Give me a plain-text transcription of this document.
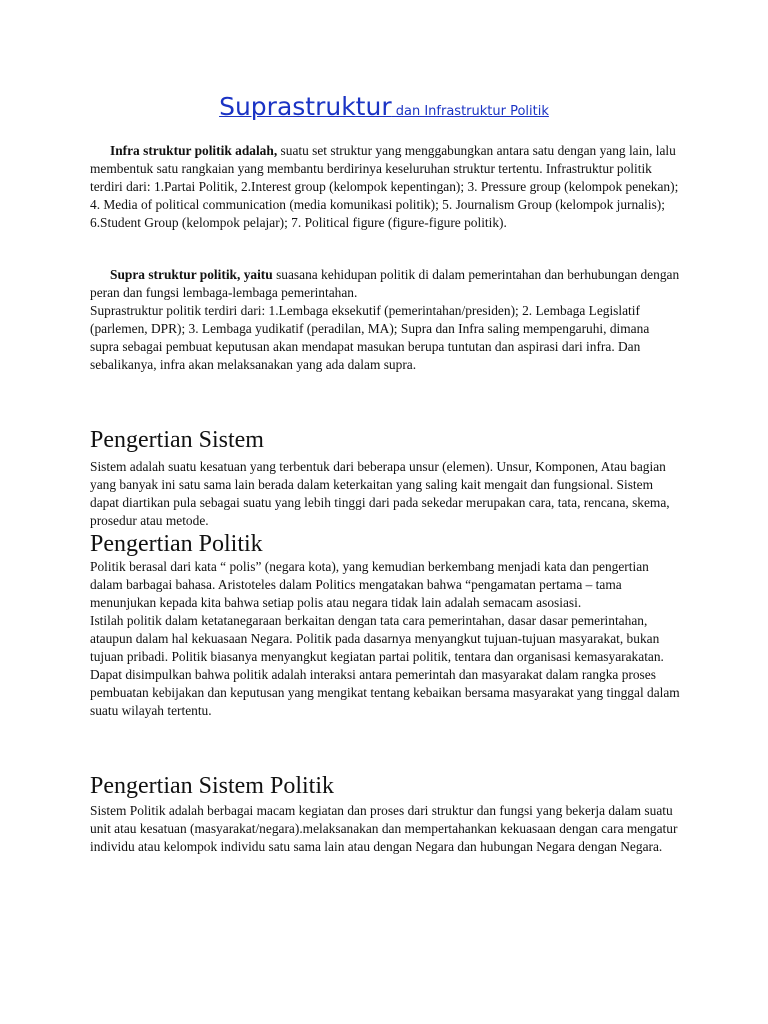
Suprastruktur dan Infrastruktur Politik
Infra struktur politik adalah, suatu set struktur yang menggabungkan antara satu dengan yang lain, lalu membentuk satu rangkaian yang membantu berdirinya keseluruhan struktur tertentu. Infrastruktur politik terdiri dari: 1.Partai Politik, 2.Interest group (kelompok kepentingan); 3. Pressure group (kelompok penekan); 4. Media of political communication (media komunikasi politik); 5. Journalism Group (kelompok jurnalis); 6.Student Group (kelompok pelajar); 7. Political figure (figure-figure politik).

Supra struktur politik, yaitu suasana kehidupan politik di dalam pemerintahan dan berhubungan dengan peran dan fungsi lembaga-lembaga pemerintahan.

Suprastruktur politik terdiri dari: 1.Lembaga eksekutif (pemerintahan/presiden); 2. Lembaga Legislatif (parlemen, DPR); 3. Lembaga yudikatif (peradilan, MA); Supra dan Infra saling mempengaruhi, dimana supra sebagai pembuat keputusan akan mendapat masukan berupa tuntutan dan aspirasi dari infra. Dan sebalikanya, infra akan melaksanakan yang ada dalam supra.

Pengertian Sistem
Sistem adalah suatu kesatuan yang terbentuk dari beberapa unsur (elemen). Unsur, Komponen, Atau bagian yang banyak ini satu sama lain berada dalam keterkaitan yang saling kait mengait dan fungsional. Sistem dapat diartikan pula sebagai suatu yang lebih tinggi dari pada sekedar merupakan cara, tata, rencana, skema, prosedur atau metode.
Pengertian Politik

Politik berasal dari kata “ polis” (negara kota), yang kemudian berkembang menjadi kata dan pengertian dalam barbagai bahasa. Aristoteles dalam Politics mengatakan bahwa “pengamatan pertama – tama menunjukan kepada kita bahwa setiap polis atau negara tidak lain adalah semacam asosiasi.

Istilah politik dalam ketatanegaraan berkaitan dengan tata cara pemerintahan, dasar dasar pemerintahan, ataupun dalam hal kekuasaan Negara. Politik pada dasarnya menyangkut tujuan-tujuan masyarakat, bukan tujuan pribadi. Politik biasanya menyangkut kegiatan partai politik, tentara dan organisasi kemasyarakatan.

Dapat disimpulkan bahwa politik adalah interaksi antara pemerintah dan masyarakat dalam rangka proses pembuatan kebijakan dan keputusan yang mengikat tentang kebaikan bersama masyarakat yang tinggal dalam suatu wilayah tertentu.

Pengertian Sistem Politik
Sistem Politik adalah berbagai macam kegiatan dan proses dari struktur dan fungsi yang bekerja dalam suatu unit atau kesatuan (masyarakat/negara).melaksanakan dan mempertahankan kekuasaan dengan cara mengatur individu atau kelompok individu satu sama lain atau dengan Negara dan hubungan Negara dengan Negara.
